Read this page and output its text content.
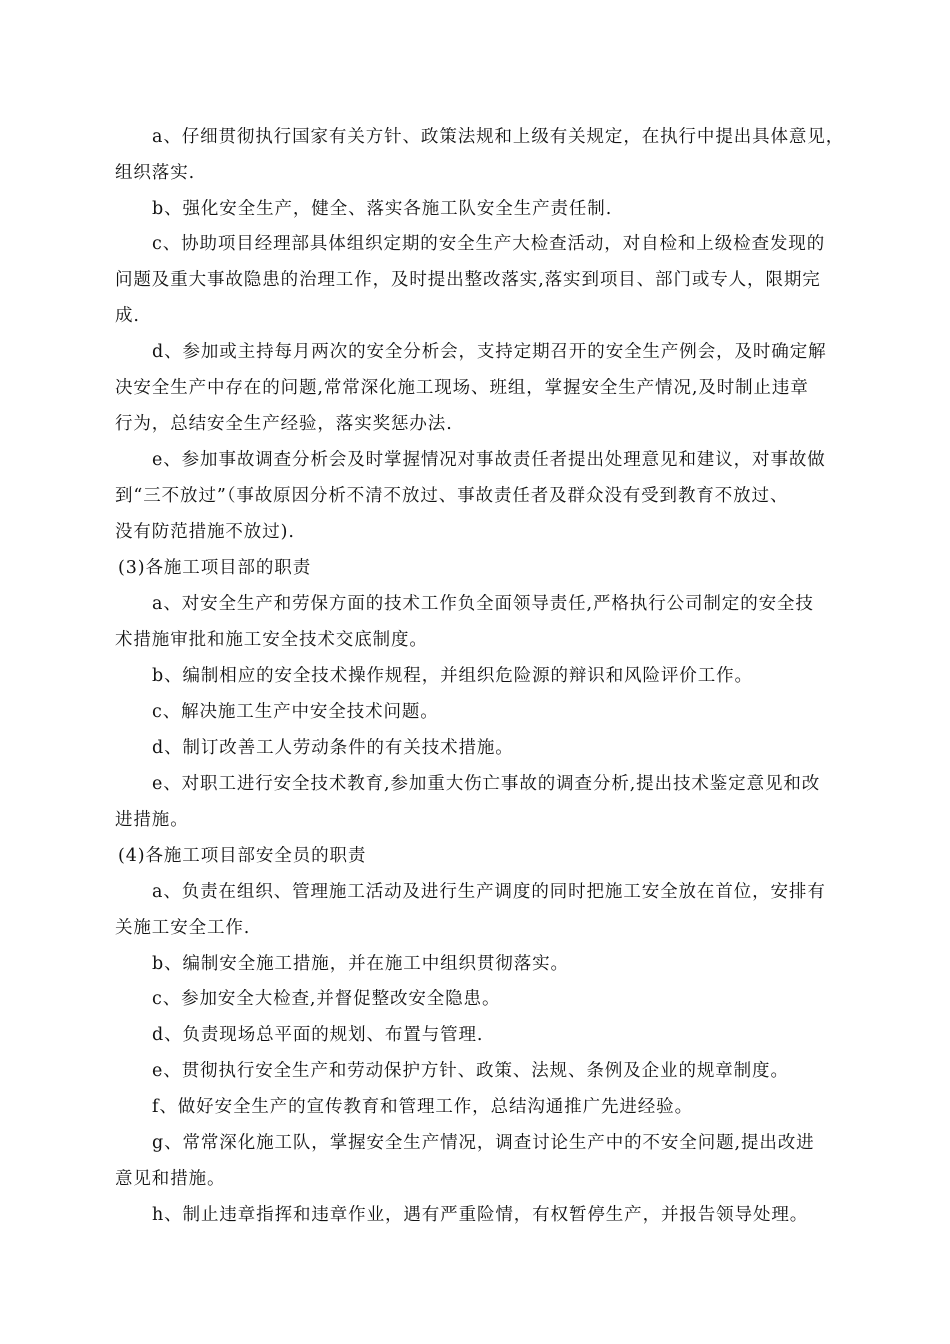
a、仔细贯彻执行国家有关方针、政策法规和上级有关规定，在执行中提出具体意见，
组织落实.
b、强化安全生产，健全、落实各施工队安全生产责任制.
c、协助项目经理部具体组织定期的安全生产大检查活动，对自检和上级检查发现的
问题及重大事故隐患的治理工作，及时提出整改落实,落实到项目、部门或专人，限期完
成.
d、参加或主持每月两次的安全分析会，支持定期召开的安全生产例会，及时确定解
决安全生产中存在的问题,常常深化施工现场、班组，掌握安全生产情况,及时制止违章
行为，总结安全生产经验，落实奖惩办法.
e、参加事故调查分析会及时掌握情况对事故责任者提出处理意见和建议，对事故做
到“三不放过”（事故原因分析不清不放过、事故责任者及群众没有受到教育不放过、
没有防范措施不放过).
(3)各施工项目部的职责
a、对安全生产和劳保方面的技术工作负全面领导责任,严格执行公司制定的安全技
术措施审批和施工安全技术交底制度。
b、编制相应的安全技术操作规程，并组织危险源的辩识和风险评价工作。
c、解决施工生产中安全技术问题。
d、制订改善工人劳动条件的有关技术措施。
e、对职工进行安全技术教育,参加重大伤亡事故的调查分析,提出技术鉴定意见和改
进措施。
(4)各施工项目部安全员的职责
a、负责在组织、管理施工活动及进行生产调度的同时把施工安全放在首位，安排有
关施工安全工作.
b、编制安全施工措施，并在施工中组织贯彻落实。
c、参加安全大检查,并督促整改安全隐患。
d、负责现场总平面的规划、布置与管理.
e、贯彻执行安全生产和劳动保护方针、政策、法规、条例及企业的规章制度。
f、做好安全生产的宣传教育和管理工作，总结沟通推广先进经验。
g、常常深化施工队，掌握安全生产情况，调查讨论生产中的不安全问题,提出改进
意见和措施。
h、制止违章指挥和违章作业，遇有严重险情，有权暂停生产，并报告领导处理。
